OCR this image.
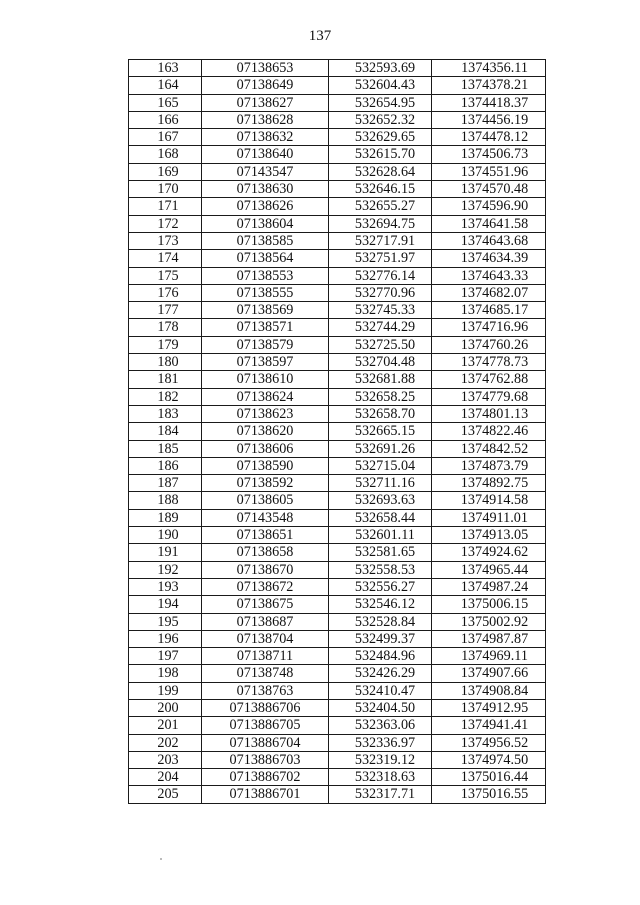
137
163	07138653	532593.69	1374356.11
164	07138649	532604.43	1374378.21
165	07138627	532654.95	1374418.37
166	07138628	532652.32	1374456.19
167	07138632	532629.65	1374478.12
168	07138640	532615.70	1374506.73
169	07143547	532628.64	1374551.96
170	07138630	532646.15	1374570.48
171	07138626	532655.27	1374596.90
172	07138604	532694.75	1374641.58
173	07138585	532717.91	1374643.68
174	07138564	532751.97	1374634.39
175	07138553	532776.14	1374643.33
176	07138555	532770.96	1374682.07
177	07138569	532745.33	1374685.17
178	07138571	532744.29	1374716.96
179	07138579	532725.50	1374760.26
180	07138597	532704.48	1374778.73
181	07138610	532681.88	1374762.88
182	07138624	532658.25	1374779.68
183	07138623	532658.70	1374801.13
184	07138620	532665.15	1374822.46
185	07138606	532691.26	1374842.52
186	07138590	532715.04	1374873.79
187	07138592	532711.16	1374892.75
188	07138605	532693.63	1374914.58
189	07143548	532658.44	1374911.01
190	07138651	532601.11	1374913.05
191	07138658	532581.65	1374924.62
192	07138670	532558.53	1374965.44
193	07138672	532556.27	1374987.24
194	07138675	532546.12	1375006.15
195	07138687	532528.84	1375002.92
196	07138704	532499.37	1374987.87
197	07138711	532484.96	1374969.11
198	07138748	532426.29	1374907.66
199	07138763	532410.47	1374908.84
200	0713886706	532404.50	1374912.95
201	0713886705	532363.06	1374941.41
202	0713886704	532336.97	1374956.52
203	0713886703	532319.12	1374974.50
204	0713886702	532318.63	1375016.44
205	0713886701	532317.71	1375016.55
